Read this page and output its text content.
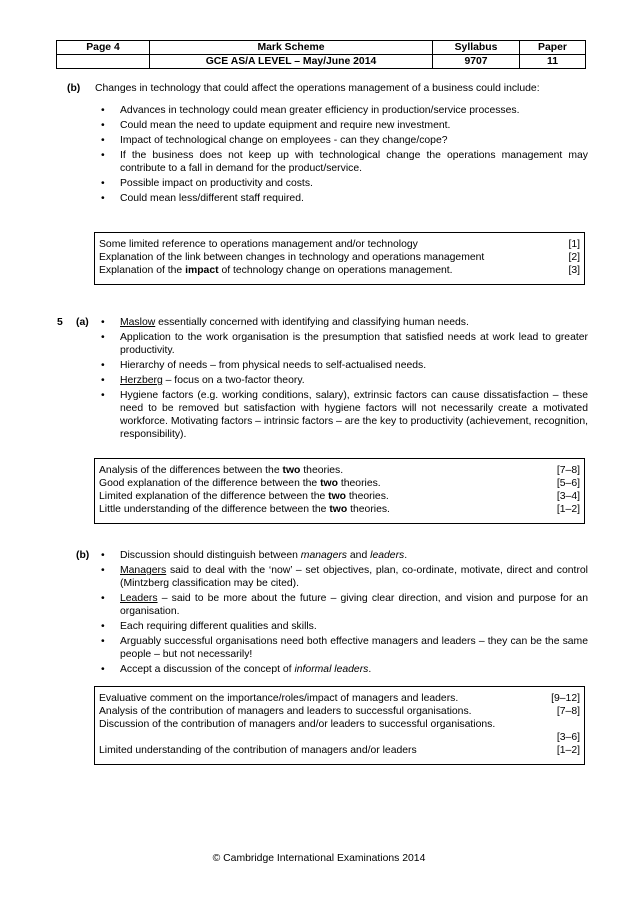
Page 4	Mark Scheme	Syllabus	Paper
	GCE AS/A LEVEL – May/June 2014	9707	11
(b) Changes in technology that could affect the operations management of a business could include:
• Advances in technology could mean greater efficiency in production/service processes.
• Could mean the need to update equipment and require new investment.
• Impact of technological change on employees - can they change/cope?
• If the business does not keep up with technological change the operations management may contribute to a fall in demand for the product/service.
• Possible impact on productivity and costs.
• Could mean less/different staff required.
Some limited reference to operations management and/or technology	[1]
Explanation of the link between changes in technology and operations management	[2]
Explanation of the impact of technology change on operations management.	[3]
5 (a) • Maslow essentially concerned with identifying and classifying human needs.
• Application to the work organisation is the presumption that satisfied needs at work lead to greater productivity.
• Hierarchy of needs – from physical needs to self-actualised needs.
• Herzberg – focus on a two-factor theory.
• Hygiene factors (e.g. working conditions, salary), extrinsic factors can cause dissatisfaction – these need to be removed but satisfaction with hygiene factors will not necessarily create a motivated workforce. Motivating factors – intrinsic factors – are the key to productivity (achievement, recognition, responsibility).
Analysis of the differences between the two theories.	[7–8]
Good explanation of the difference between the two theories.	[5–6]
Limited explanation of the difference between the two theories.	[3–4]
Little understanding of the difference between the two theories.	[1–2]
(b) • Discussion should distinguish between managers and leaders.
• Managers said to deal with the ‘now’ – set objectives, plan, co-ordinate, motivate, direct and control (Mintzberg classification may be cited).
• Leaders – said to be more about the future – giving clear direction, and vision and purpose for an organisation.
• Each requiring different qualities and skills.
• Arguably successful organisations need both effective managers and leaders – they can be the same people – but not necessarily!
• Accept a discussion of the concept of informal leaders.
Evaluative comment on the importance/roles/impact of managers and leaders.	[9–12]
Analysis of the contribution of managers and leaders to successful organisations.	[7–8]
Discussion of the contribution of managers and/or leaders to successful organisations.
[3–6]
Limited understanding of the contribution of managers and/or leaders	[1–2]
© Cambridge International Examinations 2014
